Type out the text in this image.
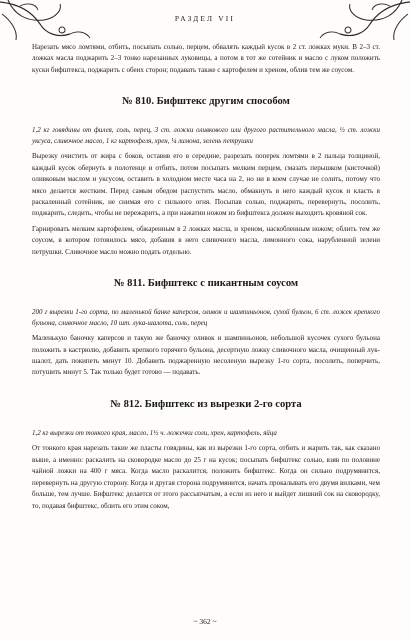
РАЗДЕЛ VII

Нарезать мясо ломтями, отбить, посыпать солью, перцем, обвалять каждый кусок в 2 ст. ложках муки. В 2–3 ст. ложках масла поджарить 2–3 тонко нарезанных луковицы, а потом в тот же сотейник и масло с луком положить куски бифштекса, поджарить с обеих сторон; подавать также с картофелем и хреном, облив тем же соусом.

№ 810. Бифштекс другим способом

1,2 кг говядины от филея, соль, перец, 3 ст. ложки оливкового или другого растительного масла, ½ ст. ложки уксуса, сливочное масло, 1 кг картофеля, хрен, ¼ лимона, зелень петрушки

Вырезку очистить от жира с боков, оставив его в середине, разрезать поперек ломтями в 2 пальца толщиной, каждый кусок обернуть в полотенце и отбить, потом посыпать мелким перцем, смазать перышком (кисточкой) оливковым маслом и уксусом, оставить в холодном месте часа на 2, но ни в коем случае не солить, потому что мясо делается жестким. Перед самым обедом распустить масло, обмакнуть в него каждый кусок и класть в раскаленный сотейник, не снимая его с сильного огня. Посыпав солью, поджарить, перевернуть, посолить, поджарить, следить, чтобы не пережарить, а при нажатии ножом из бифштекса должен выходить кровяной сок.

Гарнировать мелким картофелем, обжаренным в 2 ложках масла, и хреном, наскобленным ножом; облить тем же соусом, в котором готовилось мясо, добавив в него сливочного масла, лимонного сока, нарубленной зелени петрушки. Сливочное масло можно подать отдельно.

№ 811. Бифштекс с пикантным соусом

200 г вырезки 1-го сорта, по маленькой банке каперсов, оливок и шампиньонов, сухой бульон, 6 ст. ложек крепкого бульона, сливочное масло, 10 шт. лука-шалота, соль, перец

Маленькую баночку каперсов и такую же баночку оливок и шампиньонов, небольшой кусочек сухого бульона положить в кастрюлю, добавить крепкого горячего бульона, десертную ложку сливочного масла, очищенный лук-шалот, дать покипеть минут 10. Добавить поджаренную несоленую вырезку 1-го сорта, посолить, поперчить, потушить минут 5. Так только будет готово — подавать.

№ 812. Бифштекс из вырезки 2-го сорта

1,2 кг вырезки от тонкого края, масло, 1½ ч. ложечки соли, хрен, картофель, яйца

От тонкого края нарезать такие же пласты говядины, как из вырезки 1-го сорта, отбить и жарить так, как сказано выше, а именно: раскалить на сковородке масло до 25 г на кусок; посыпать бифштекс солью, взяв по половине чайной ложки на 400 г мяса. Когда масло раскалится, положить бифштекс. Когда он сильно подрумянится, перевернуть на другую сторону. Когда и другая сторона подрумянится, начать прокалывать его двумя вилками, чем больше, тем лучше. Бифштекс делается от этого рассыпчатым, а если из него и выйдет лишний сок на сковородку, то, подавая бифштекс, облить его этим соком,

~ 362 ~
